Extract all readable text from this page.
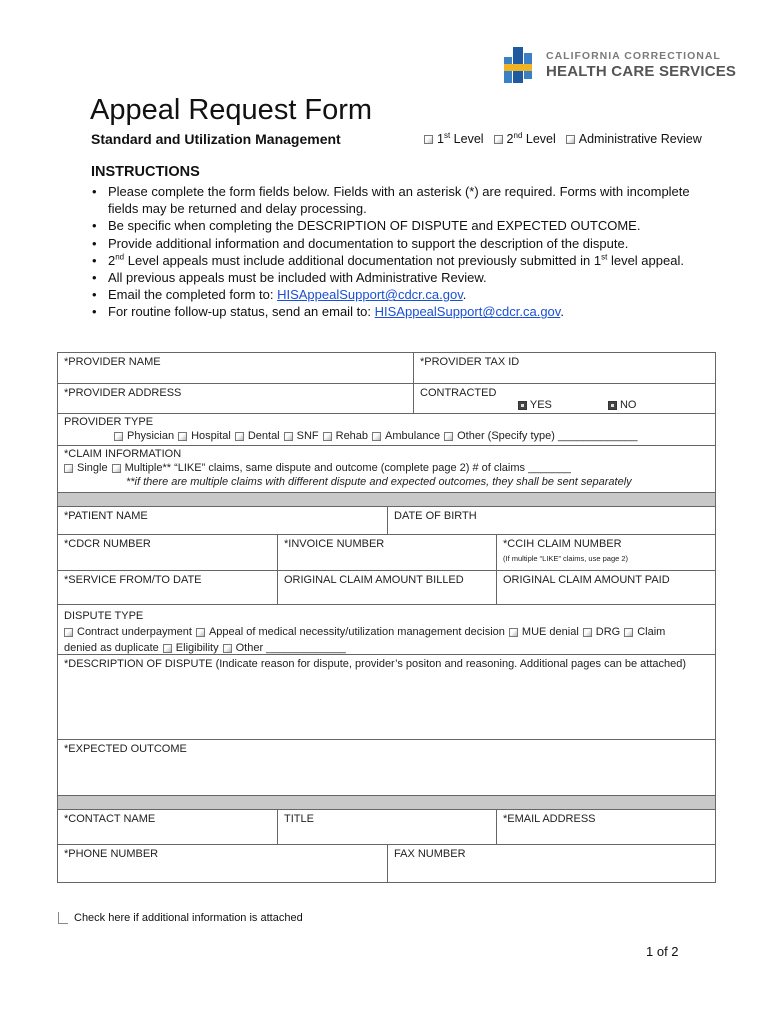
CALIFORNIA CORRECTIONAL
HEALTH CARE SERVICES
Appeal Request Form
Standard and Utilization Management	1st Level 2nd Level Administrative Review
INSTRUCTIONS
• Please complete the form fields below. Fields with an asterisk (*) are required. Forms with incomplete fields may be returned and delay processing.
• Be specific when completing the DESCRIPTION OF DISPUTE and EXPECTED OUTCOME.
• Provide additional information and documentation to support the description of the dispute.
• 2nd Level appeals must include additional documentation not previously submitted in 1st level appeal.
• All previous appeals must be included with Administrative Review.
• Email the completed form to: HISAppealSupport@cdcr.ca.gov.
• For routine follow-up status, send an email to: HISAppealSupport@cdcr.ca.gov.
*PROVIDER NAME	*PROVIDER TAX ID
*PROVIDER ADDRESS	CONTRACTED
YES	NO
PROVIDER TYPE
Physician Hospital Dental SNF Rehab Ambulance Other (Specify type) _____________
*CLAIM INFORMATION
Single Multiple** “LIKE” claims, same dispute and outcome (complete page 2) # of claims _______
**if there are multiple claims with different dispute and expected outcomes, they shall be sent separately
*PATIENT NAME	DATE OF BIRTH
*CDCR NUMBER	*INVOICE NUMBER	*CCIH CLAIM NUMBER
(If multiple “LIKE” claims, use page 2)
*SERVICE FROM/TO DATE	ORIGINAL CLAIM AMOUNT BILLED	ORIGINAL CLAIM AMOUNT PAID
DISPUTE TYPE
Contract underpayment Appeal of medical necessity/utilization management decision MUE denial DRG Claim
denied as duplicate Eligibility Other _____________
*DESCRIPTION OF DISPUTE (Indicate reason for dispute, provider’s positon and reasoning. Additional pages can be attached)
*EXPECTED OUTCOME
*CONTACT NAME	TITLE	*EMAIL ADDRESS
*PHONE NUMBER	FAX NUMBER
Check here if additional information is attached
1 of 2
